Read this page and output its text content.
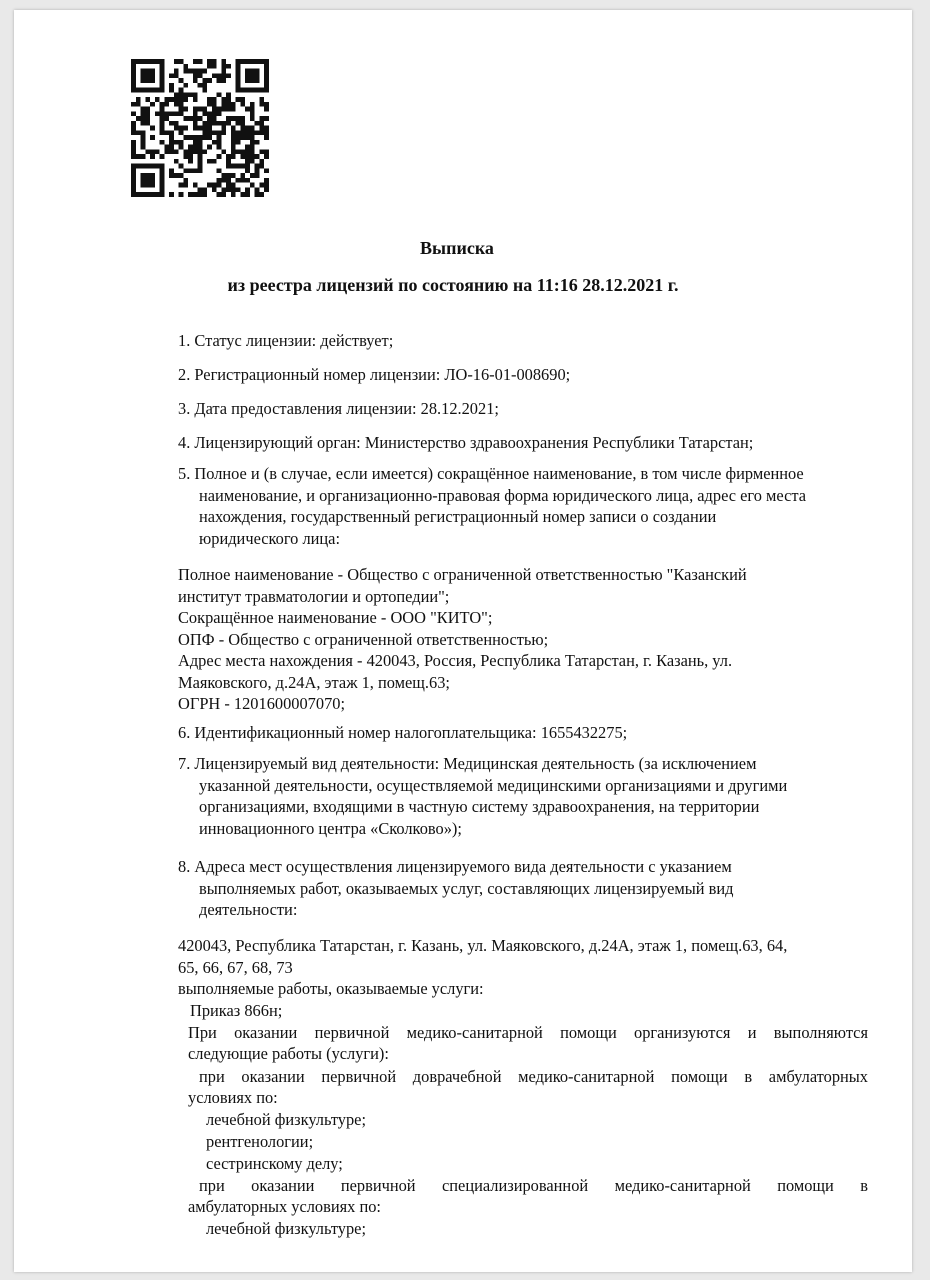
Выписка
из реестра лицензий по состоянию на 11:16 28.12.2021 г.

1. Статус лицензии: действует;

2. Регистрационный номер лицензии: ЛО-16-01-008690;

3. Дата предоставления лицензии: 28.12.2021;

4. Лицензирующий орган: Министерство здравоохранения Республики Татарстан;

5. Полное и (в случае, если имеется) сокращённое наименование, в том числе фирменное
наименование, и организационно-правовая форма юридического лица, адрес его места
нахождения, государственный регистрационный номер записи о создании
юридического лица:
Полное наименование - Общество с ограниченной ответственностью "Казанский
институт травматологии и ортопедии";
Сокращённое наименование - ООО "КИТО";
ОПФ - Общество с ограниченной ответственностью;
Адрес места нахождения - 420043, Россия, Республика Татарстан, г. Казань, ул.
Маяковского, д.24А, этаж 1, помещ.63;
ОГРН - 1201600007070;

6. Идентификационный номер налогоплательщика: 1655432275;

7. Лицензируемый вид деятельности: Медицинская деятельность (за исключением
указанной деятельности, осуществляемой медицинскими организациями и другими
организациями, входящими в частную систему здравоохранения, на территории
инновационного центра «Сколково»);
8. Адреса мест осуществления лицензируемого вида деятельности с указанием
выполняемых работ, оказываемых услуг, составляющих лицензируемый вид
деятельности:
420043, Республика Татарстан, г. Казань, ул. Маяковского, д.24А, этаж 1, помещ.63, 64,
65, 66, 67, 68, 73
выполняемые работы, оказываемые услуги:
Приказ 866н;
При оказании первичной медико-санитарной помощи организуются и выполняются
следующие работы (услуги):
при оказании первичной доврачебной медико-санитарной помощи в амбулаторных
условиях по:
лечебной физкультуре;
рентгенологии;
сестринскому делу;
при оказании первичной специализированной медико-санитарной помощи в
амбулаторных условиях по:
лечебной физкультуре;
